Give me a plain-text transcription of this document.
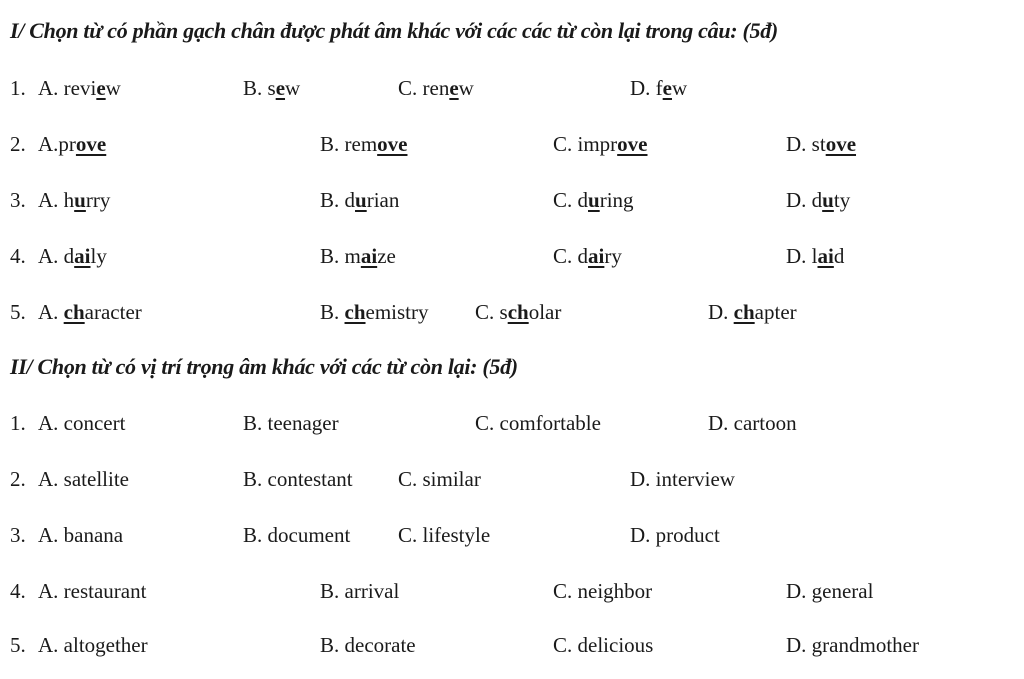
I/ Chọn từ có phần gạch chân được phát âm khác với các các từ còn lại trong câu: (5đ)
1. A. review	B. sew	C. renew	D. few
2. A.prove	B. remove	C. improve	D. stove
3. A. hurry	B. durian	C. during	D. duty
4. A. daily	B. maize	C. dairy	D. laid
5. A. character	B. chemistry C. scholar	D. chapter
II/ Chọn từ có vị trí trọng âm khác với các từ còn lại: (5đ)
1. A. concert	B. teenager	C. comfortable	D. cartoon
2. A. satellite	B. contestant C. similar	D. interview
3. A. banana	B. document C. lifestyle	D. product
4. A. restaurant	B. arrival	C. neighbor	D. general
5. A. altogether	B. decorate	C. delicious	D. grandmother
